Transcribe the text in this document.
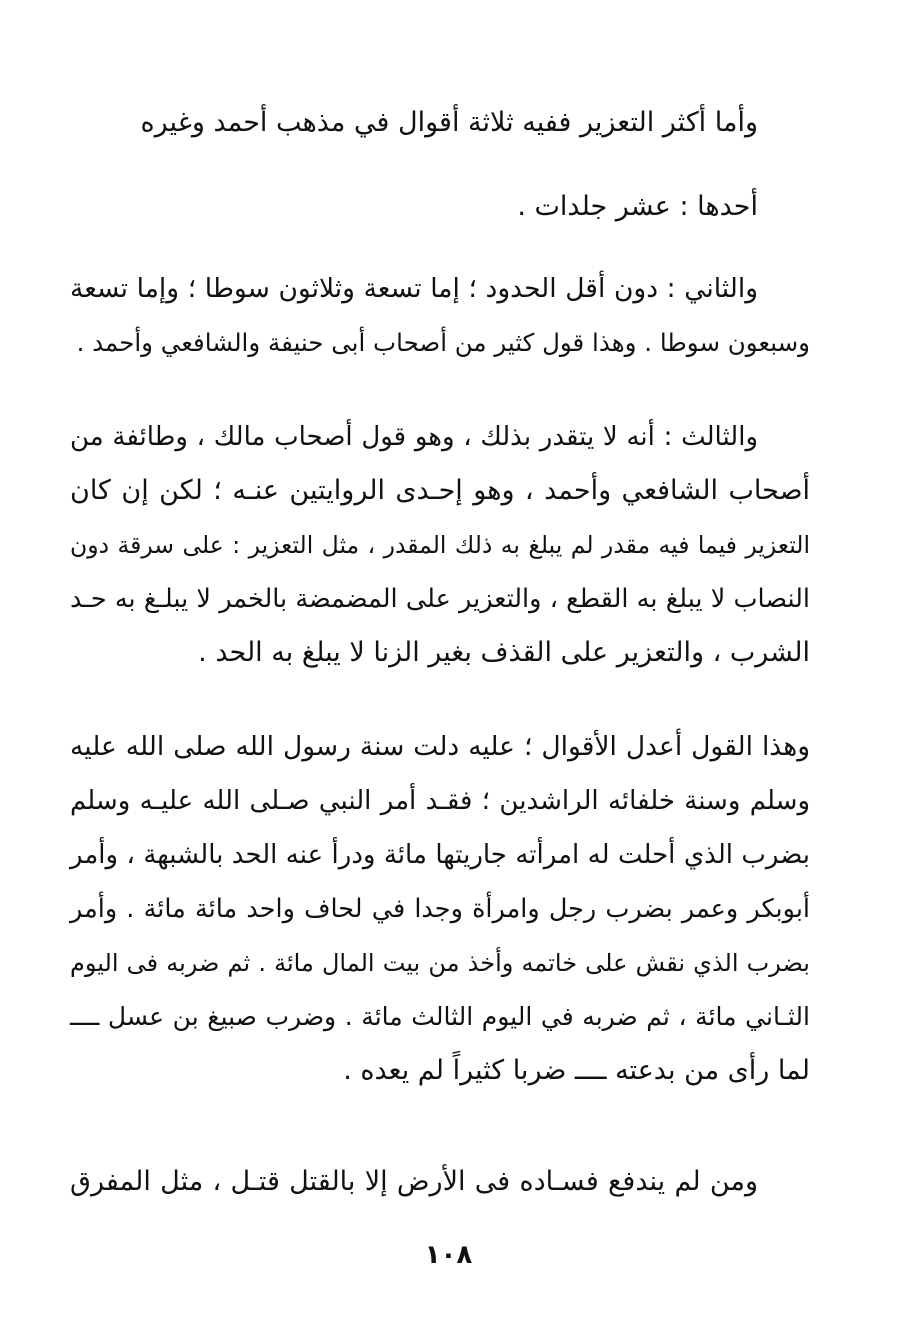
وأما أكثر التعزير ففيه ثلاثة أقوال في مذهب أحمد وغيره
أحدها : عشر جلدات .
والثاني : دون أقل الحدود ؛ إما تسعة وثلاثون سوطا ؛ وإما تسعة
وسبعون سوطا . وهذا قول كثير من أصحاب أبى حنيفة والشافعي وأحمد .
والثالث : أنه لا يتقدر بذلك ، وهو قول أصحاب مالك ، وطائفة من
أصحاب الشافعي وأحمد ، وهو إحـدى الروايتين عنـه ؛ لكن إن كان
التعزير فيما فيه مقدر لم يبلغ به ذلك المقدر ، مثل التعزير : على سرقة دون
النصاب لا يبلغ به القطع ، والتعزير على المضمضة بالخمر لا يبلـغ به حـد
الشرب ، والتعزير على القذف بغير الزنا لا يبلغ به الحد .
وهذا القول أعدل الأقوال ؛ عليه دلت سنة رسول الله صلى الله عليه
وسلم وسنة خلفائه الراشدين ؛ فقـد أمر النبي صـلى الله عليـه وسلم
بضرب الذي أحلت له امرأته جاريتها مائة ودرأ عنه الحد بالشبهة ، وأمر
أبوبكر وعمر بضرب رجل وامرأة وجدا في لحاف واحد مائة مائة . وأمر
بضرب الذي نقش على خاتمه وأخذ من بيت المال مائة . ثم ضربه فى اليوم
الثـاني مائة ، ثم ضربه في اليوم الثالث مائة . وضرب صبيغ بن عسل ــــ
لما رأى من بدعته ــــ ضربا كثيراً لم يعده .
ومن لم يندفع فسـاده فى الأرض إلا بالقتل قتـل ، مثل المفرق
١٠٨
